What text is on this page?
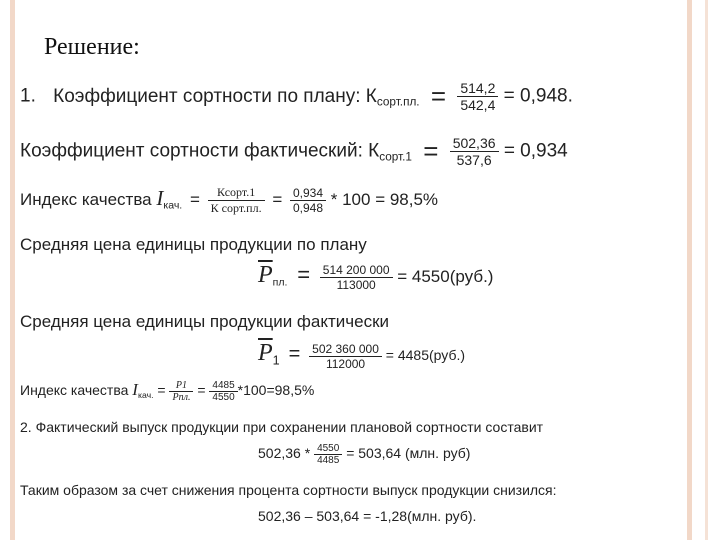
Решение:
1. Коэффициент сортности по плану: $К_{сорт.пл.} = \frac{514,2}{542,4} = 0,948$.
Коэффициент сортности фактический: $К_{сорт.1} = \frac{502,36}{537,6} = 0,934$
Индекс качества $I_{кач.} = \frac{\text{Ксорт.1}}{\text{К сорт.пл.}} = \frac{0,934}{0,948} * 100 = 98,5\%$
Средняя цена единицы продукции по плану
$\overline{P}_{пл.} = \frac{514 200 000}{113000} = 4550(руб.)$
Средняя цена единицы продукции фактически
$\overline{P}1 = \frac{502 360 000}{112000} = 4485(руб.)$
Индекс качества $I_{кач.} = \frac{P1}{\text{Pпл.}} = \frac{4485}{4550} *100=98,5\%$
2. Фактический выпуск продукции при сохранении плановой сортности составит
$502,36 * \frac{4550}{4485} = 503,64$ (млн. руб)
Таким образом за счет снижения процента сортности выпуск продукции снизился:
502,36 – 503,64 = -1,28(млн. руб).
